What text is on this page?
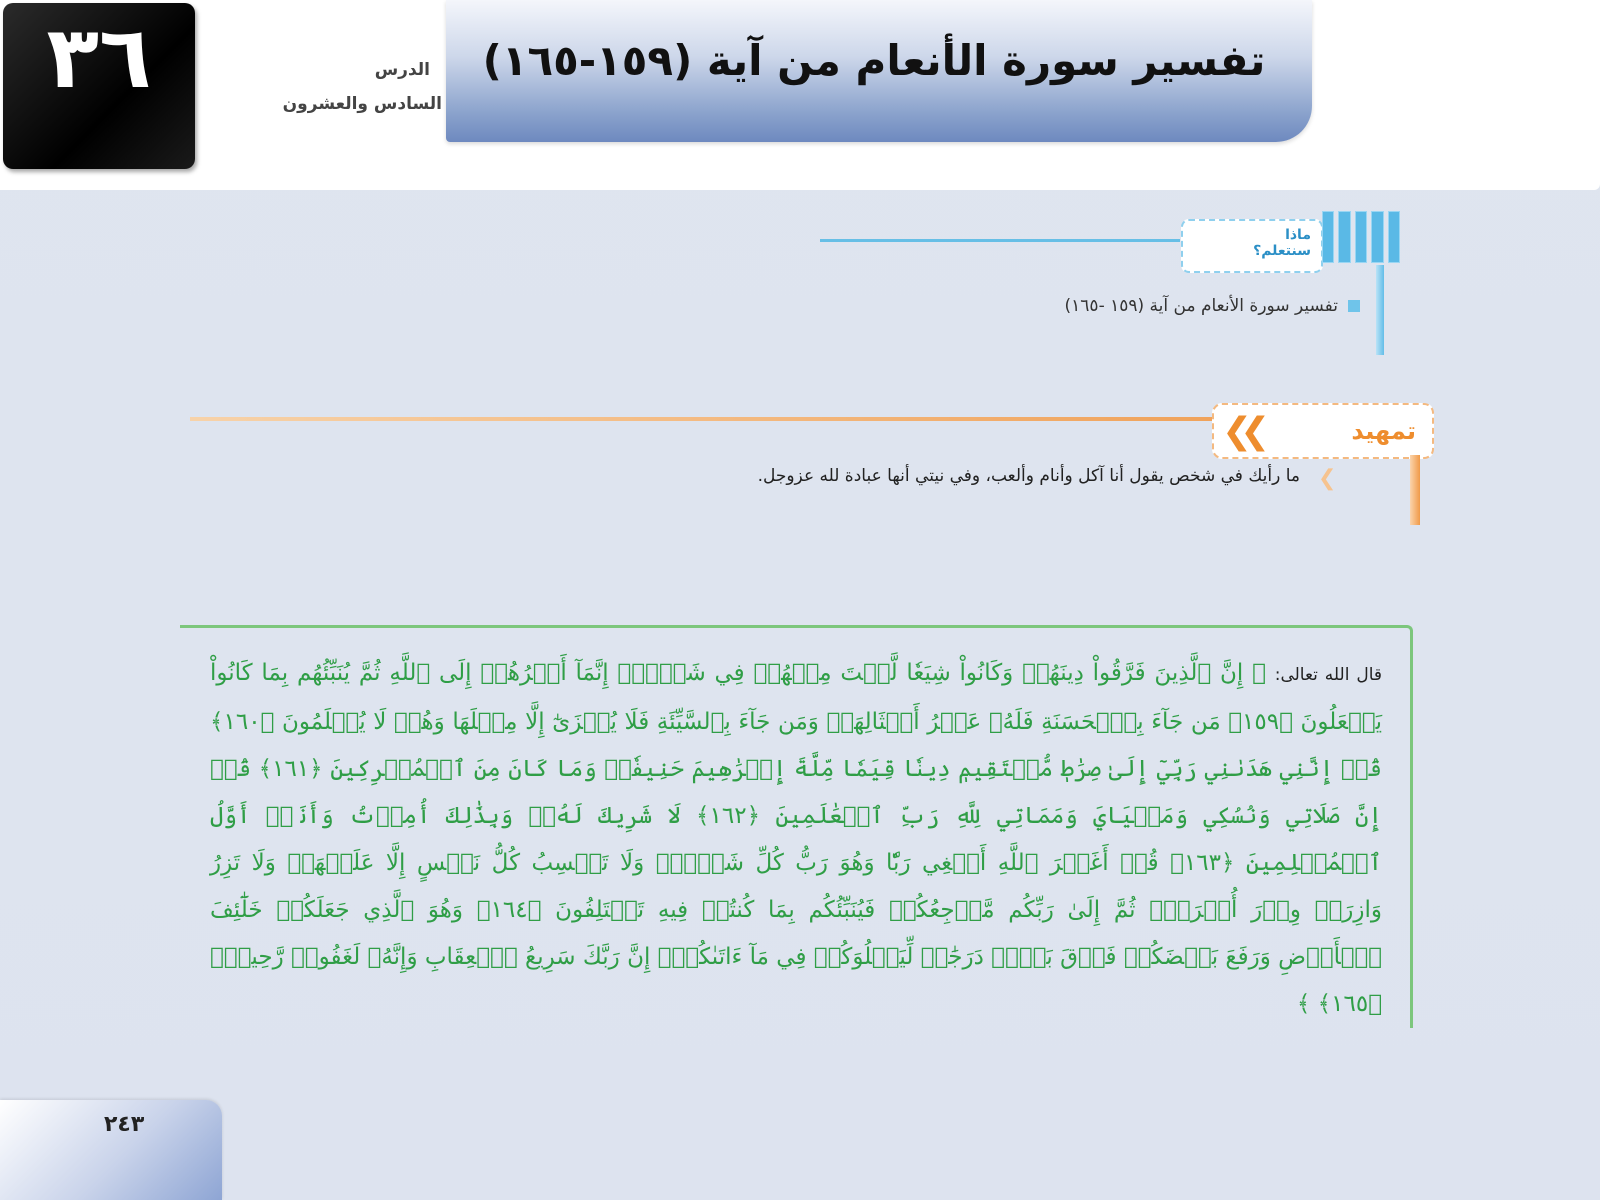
٣٦	الدرس
السادس والعشرون
تفسير سورة الأنعام من آية (١٥٩-١٦٥)
ماذا
سنتعلم؟
تفسير سورة الأنعام من آية (١٥٩ -١٦٥)
❮❮	تمهيد
❮
ما رأيك في شخص يقول أنا آكل وأنام وألعب، وفي نيتي أنها عبادة لله عزوجل.
قال الله تعالى: ﴿ إِنَّ ٱلَّذِينَ فَرَّقُواْ دِينَهُمۡ وَكَانُواْ شِيَعٗا لَّسۡتَ مِنۡهُمۡ فِي شَيۡءٍۚ إِنَّمَآ أَمۡرُهُمۡ إِلَى ٱللَّهِ ثُمَّ يُنَبِّئُهُم بِمَا كَانُواْ يَفۡعَلُونَ ﴿١٥٩﴾ مَن جَآءَ بِٱلۡحَسَنَةِ فَلَهُۥ عَشۡرُ أَمۡثَالِهَاۖ وَمَن جَآءَ بِٱلسَّيِّئَةِ فَلَا يُجۡزَىٰٓ إِلَّا مِثۡلَهَا وَهُمۡ لَا يُظۡلَمُونَ ﴿١٦٠﴾ قُلۡ إِنَّنِي هَدَىٰنِي رَبِّيٓ إِلَىٰ صِرَٰطٖ مُّسۡتَقِيمٖ دِينٗا قِيَمٗا مِّلَّةَ إِبۡرَٰهِيمَ حَنِيفٗاۚ وَمَا كَانَ مِنَ ٱلۡمُشۡرِكِينَ ﴿١٦١﴾ قُلۡ إِنَّ صَلَاتِي وَنُسُكِي وَمَحۡيَايَ وَمَمَاتِي لِلَّهِ رَبِّ ٱلۡعَٰلَمِينَ ﴿١٦٢﴾ لَا شَرِيكَ لَهُۥۖ وَبِذَٰلِكَ أُمِرۡتُ وَأَنَا۠ أَوَّلُ ٱلۡمُسۡلِمِينَ ﴿١٦٣﴾ قُلۡ أَغَيۡرَ ٱللَّهِ أَبۡغِي رَبّٗا وَهُوَ رَبُّ كُلِّ شَيۡءٖۚ وَلَا تَكۡسِبُ كُلُّ نَفۡسٍ إِلَّا عَلَيۡهَاۚ وَلَا تَزِرُ وَازِرَةٞ وِزۡرَ أُخۡرَىٰۚ ثُمَّ إِلَىٰ رَبِّكُم مَّرۡجِعُكُمۡ فَيُنَبِّئُكُم بِمَا كُنتُمۡ فِيهِ تَخۡتَلِفُونَ ﴿١٦٤﴾ وَهُوَ ٱلَّذِي جَعَلَكُمۡ خَلَٰٓئِفَ ٱلۡأَرۡضِ وَرَفَعَ بَعۡضَكُمۡ فَوۡقَ بَعۡضٖ دَرَجَٰتٖ لِّيَبۡلُوَكُمۡ فِي مَآ ءَاتَىٰكُمۡۗ إِنَّ رَبَّكَ سَرِيعُ ٱلۡعِقَابِ وَإِنَّهُۥ لَغَفُورٞ رَّحِيمُۢ ﴿١٦٥﴾ ﴾
٢٤٣
